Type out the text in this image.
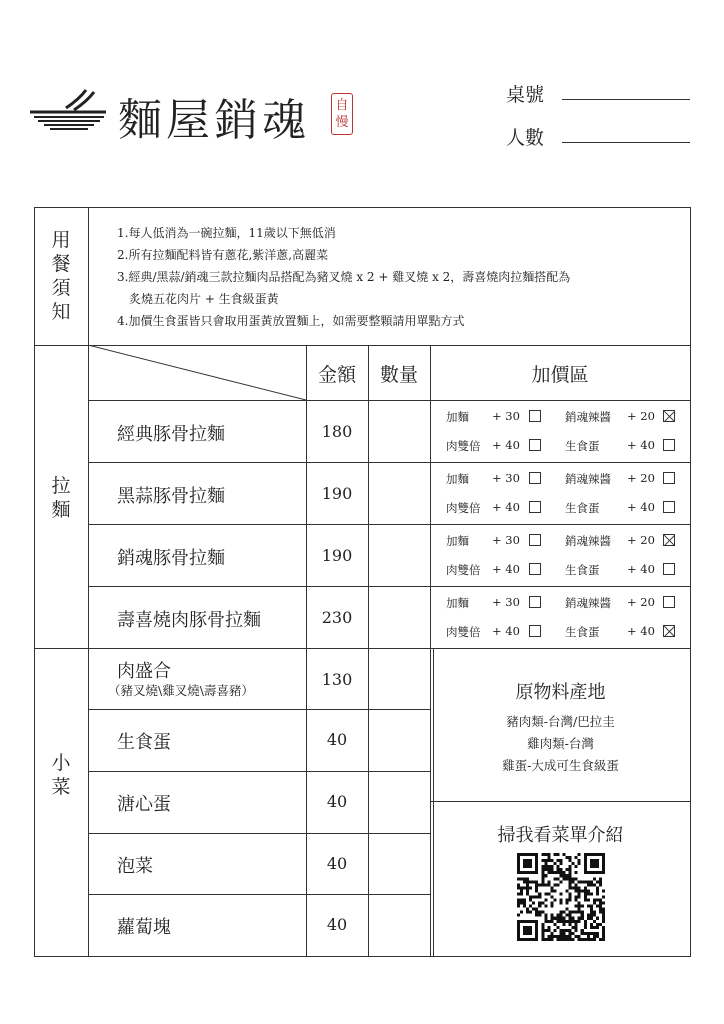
麵屋銷魂 自
慢
桌號
人數
用
餐
須
知
1.每人低消為一碗拉麵，11歲以下無低消
2.所有拉麵配料皆有蔥花,紫洋蔥,高麗菜
3.經典/黑蒜/銷魂三款拉麵肉品搭配為豬叉燒 x 2 + 雞叉燒 x 2，壽喜燒肉拉麵搭配為
　炙燒五花肉片 + 生食級蛋黃
4.加價生食蛋皆只會取用蛋黃放置麵上，如需要整顆請用單點方式
金額	數量	加價區
拉
麵
經典豚骨拉麵	180
加麵 + 30	銷魂辣醬 + 20
肉雙倍 + 40	生食蛋 + 40
黑蒜豚骨拉麵	190
加麵 + 30	銷魂辣醬 + 20
肉雙倍 + 40	生食蛋 + 40
銷魂豚骨拉麵	190
加麵 + 30	銷魂辣醬 + 20
肉雙倍 + 40	生食蛋 + 40
壽喜燒肉豚骨拉麵	230
加麵 + 30	銷魂辣醬 + 20
肉雙倍 + 40	生食蛋 + 40
小
菜
肉盛合
（豬叉燒\雞叉燒\壽喜豬）
130
生食蛋	40
溏心蛋	40
泡菜	40
蘿蔔塊	40
原物料產地
豬肉類-台灣/巴拉圭
雞肉類-台灣
雞蛋-大成可生食級蛋
掃我看菜單介紹
